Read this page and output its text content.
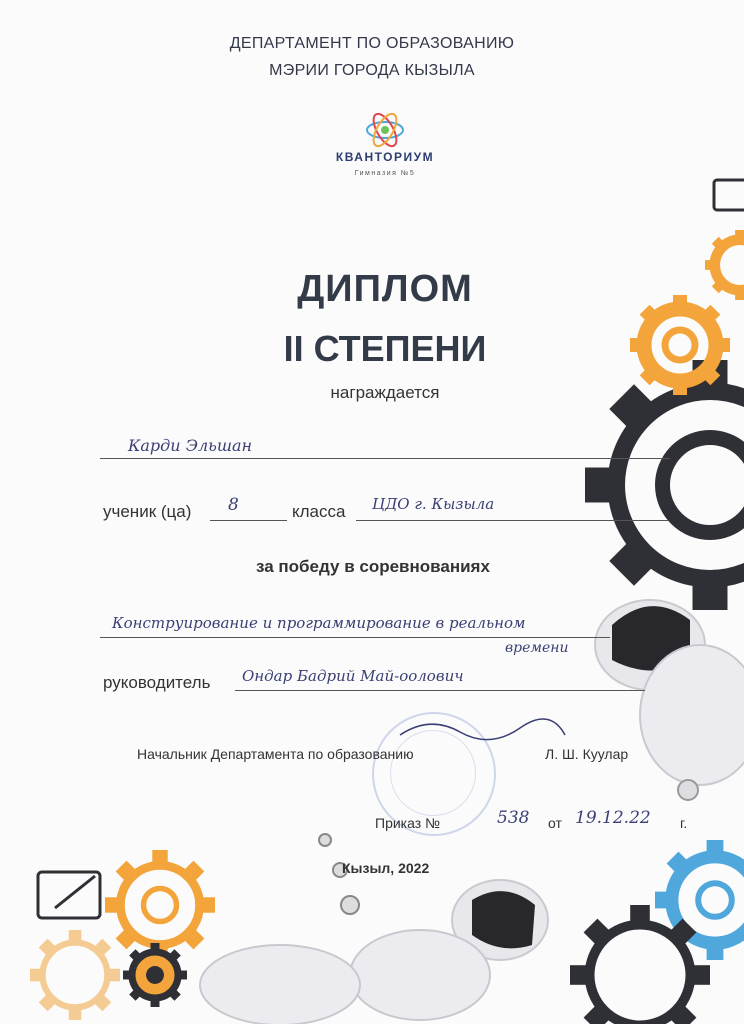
ДЕПАРТАМЕНТ ПО ОБРАЗОВАНИЮ
МЭРИИ ГОРОДА КЫЗЫЛА
КВАНТОРИУМ
Гимназия №5
ДИПЛОМ
II СТЕПЕНИ
награждается
Карди Эльшан
ученик (ца) 8	класса ЦДО г. Кызыла
за победу в соревнованиях
Конструирование и программирование в реальном
времени
руководитель Ондар Бадрий Май-оолович
Начальник Департамента по образованию	Л. Ш. Куулар
Приказ №	538 от 19.12.22 г.
Кызыл, 2022
